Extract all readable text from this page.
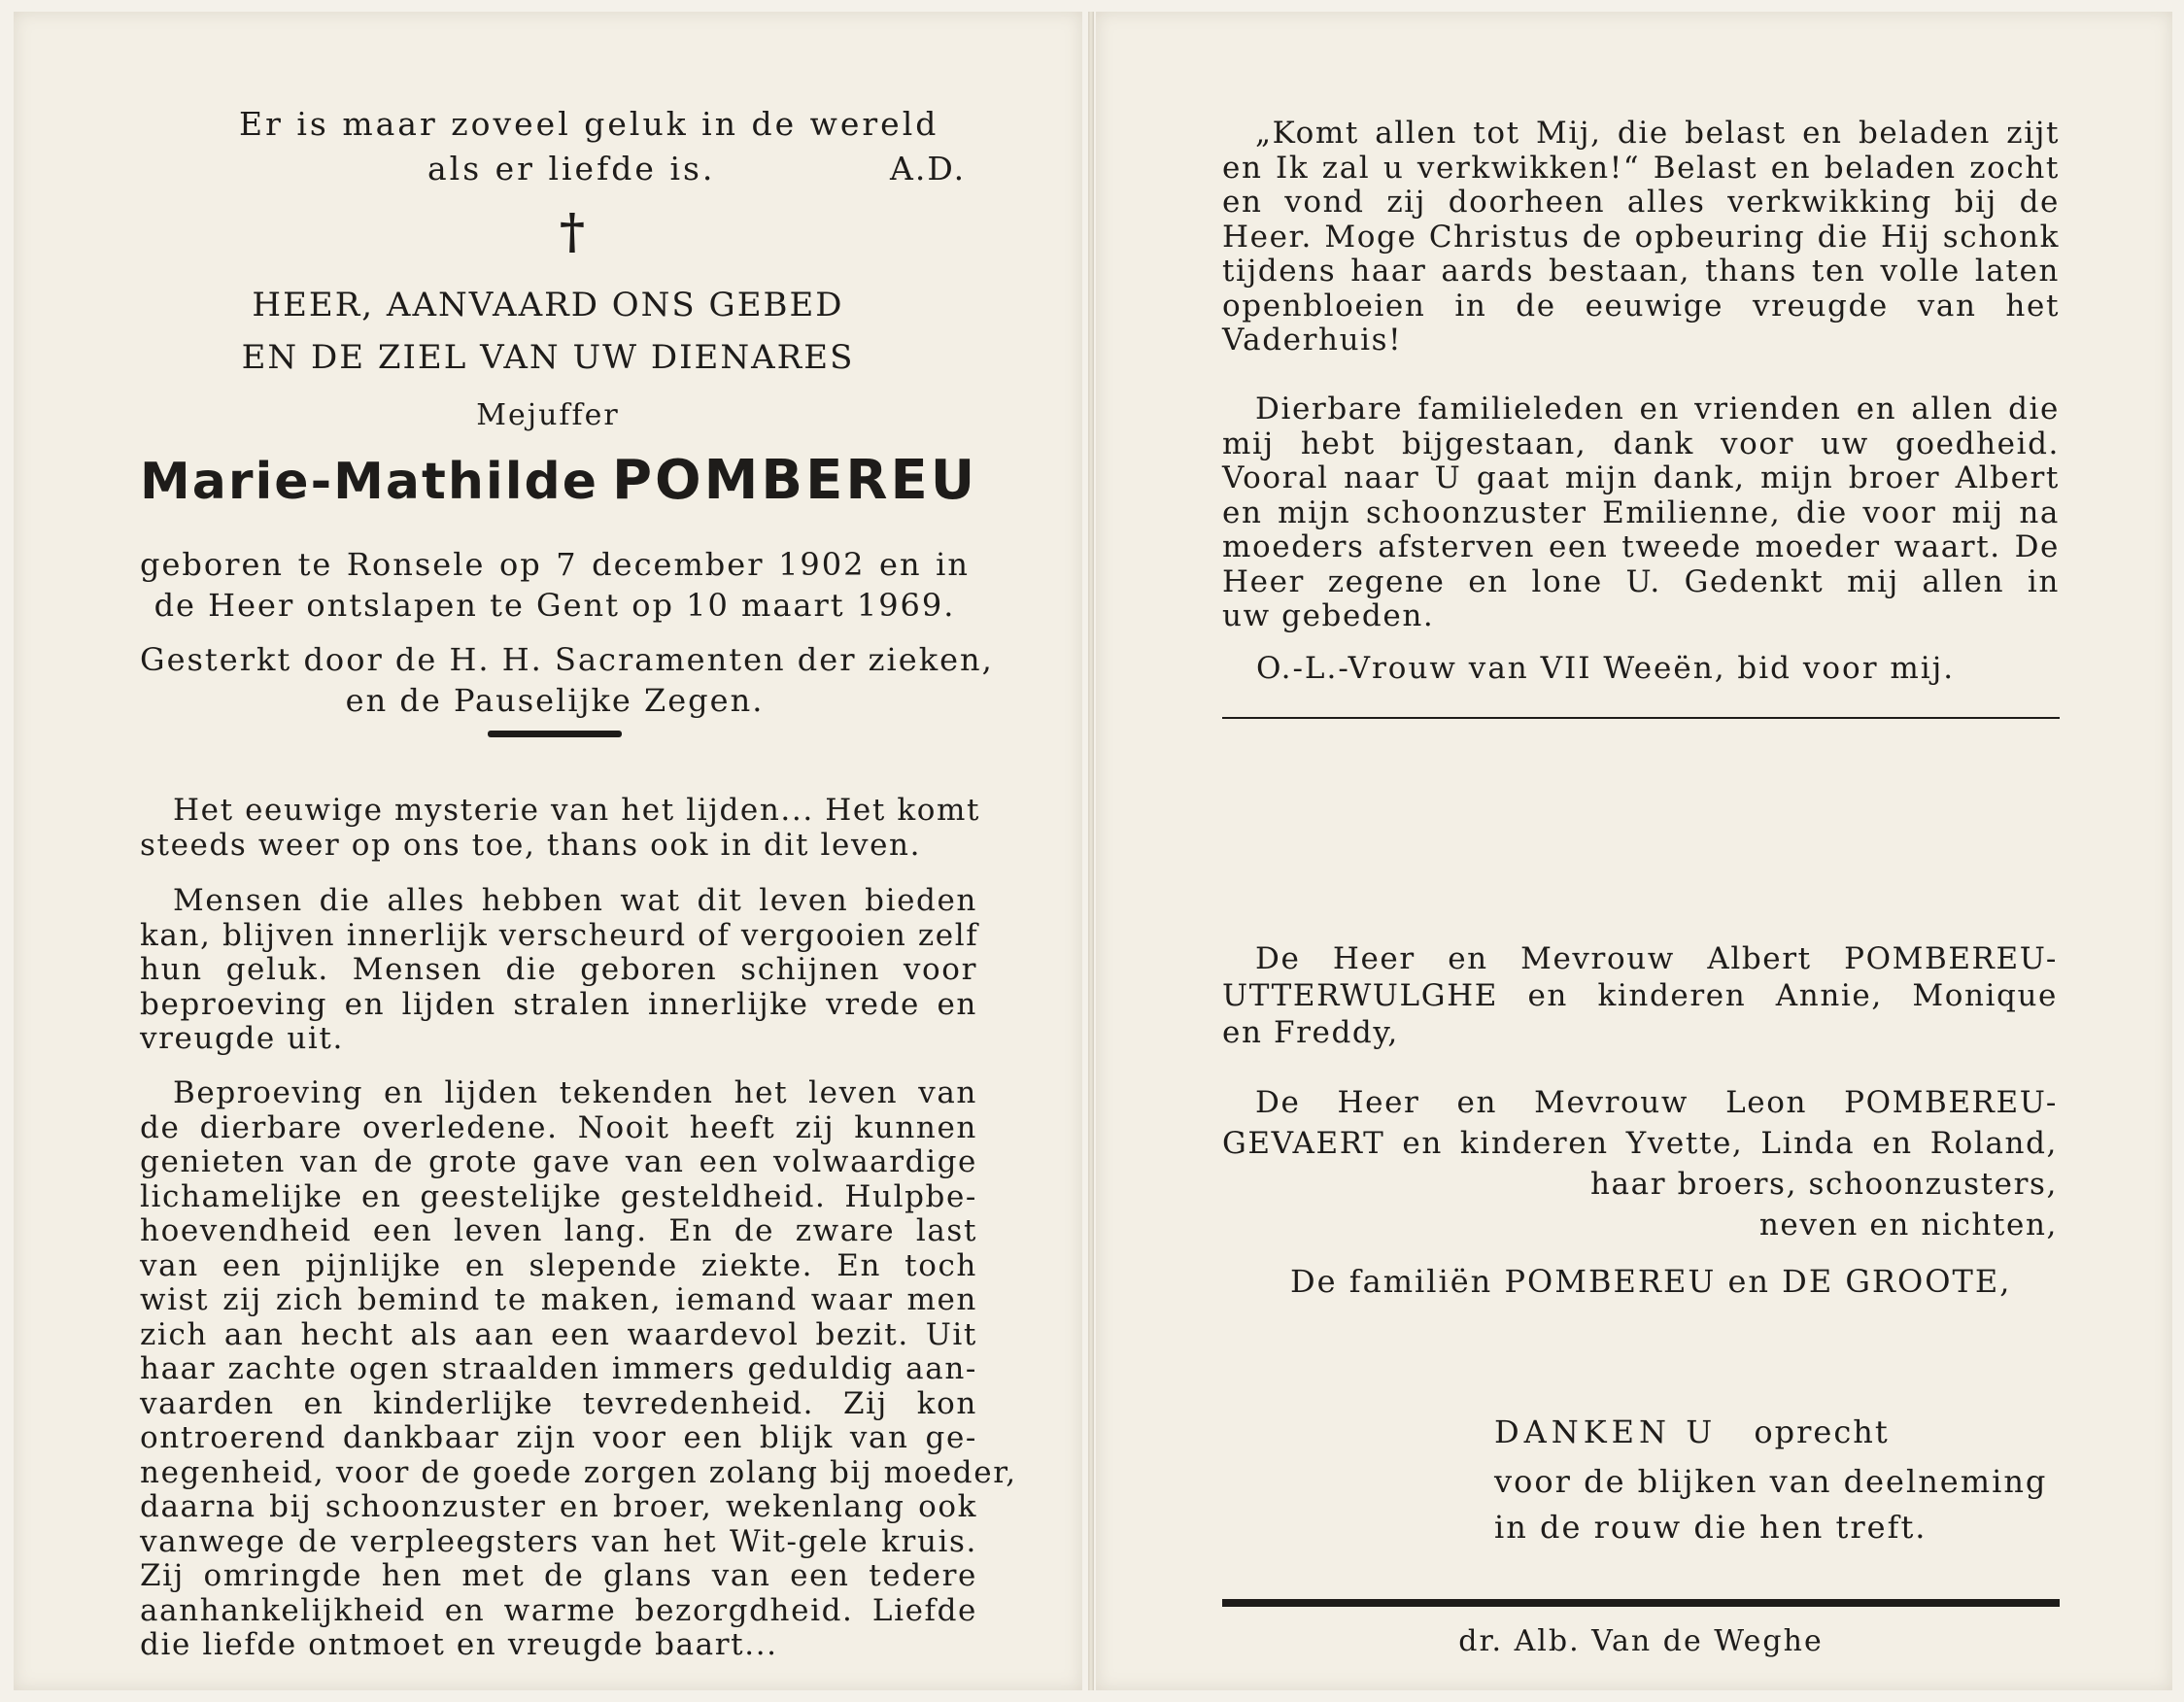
Er is maar zoveel geluk in de wereld
als er liefde is.	A.D.
†
HEER, AANVAARD ONS GEBED
EN DE ZIEL VAN UW DIENARES
Mejuffer
Marie-Mathilde POMBEREU
geboren te Ronsele op 7 december 1902 en in
de Heer ontslapen te Gent op 10 maart 1969.
Gesterkt door de H. H. Sacramenten der zieken,
en de Pauselijke Zegen.
Het eeuwige mysterie van het lijden... Het komt
steeds weer op ons toe, thans ook in dit leven.
Mensen die alles hebben wat dit leven bieden
kan, blijven innerlijk verscheurd of vergooien zelf
hun geluk. Mensen die geboren schijnen voor
beproeving en lijden stralen innerlijke vrede en
vreugde uit.
Beproeving en lijden tekenden het leven van
de dierbare overledene. Nooit heeft zij kunnen
genieten van de grote gave van een volwaardige
lichamelijke en geestelijke gesteldheid. Hulpbe-
hoevendheid een leven lang. En de zware last
van een pijnlijke en slepende ziekte. En toch
wist zij zich bemind te maken, iemand waar men
zich aan hecht als aan een waardevol bezit. Uit
haar zachte ogen straalden immers geduldig aan-
vaarden en kinderlijke tevredenheid. Zij kon
ontroerend dankbaar zijn voor een blijk van ge-
negenheid, voor de goede zorgen zolang bij moeder,
daarna bij schoonzuster en broer, wekenlang ook
vanwege de verpleegsters van het Wit-gele kruis.
Zij omringde hen met de glans van een tedere
aanhankelijkheid en warme bezorgdheid. Liefde
die liefde ontmoet en vreugde baart...
„Komt allen tot Mij, die belast en beladen zijt
en Ik zal u verkwikken!“ Belast en beladen zocht
en vond zij doorheen alles verkwikking bij de
Heer. Moge Christus de opbeuring die Hij schonk
tijdens haar aards bestaan, thans ten volle laten
openbloeien in de eeuwige vreugde van het
Vaderhuis!
Dierbare familieleden en vrienden en allen die
mij hebt bijgestaan, dank voor uw goedheid.
Vooral naar U gaat mijn dank, mijn broer Albert
en mijn schoonzuster Emilienne, die voor mij na
moeders afsterven een tweede moeder waart. De
Heer zegene en lone U. Gedenkt mij allen in
uw gebeden.
O.-L.-Vrouw van VII Weeën, bid voor mij.
De Heer en Mevrouw Albert POMBEREU-
UTTERWULGHE en kinderen Annie, Monique
en Freddy,
De Heer en Mevrouw Leon POMBEREU-
GEVAERT en kinderen Yvette, Linda en Roland,
haar broers, schoonzusters,
neven en nichten,
De familiën POMBEREU en DE GROOTE,
DANKEN U oprecht
voor de blijken van deelneming
in de rouw die hen treft.
dr. Alb. Van de Weghe
